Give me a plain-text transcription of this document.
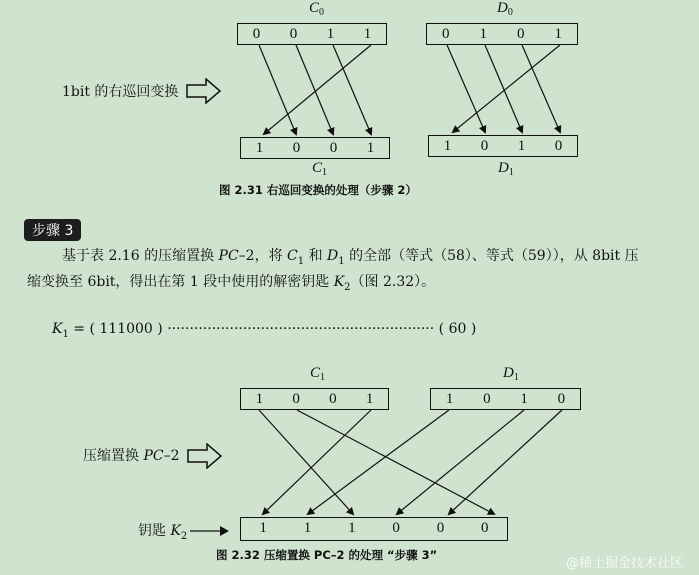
$C_0$	$D_0$
0	0	1	1	0	1	0	1
1bit 的右巡回变换
1	0	0	1	1	0	1	0
$C_1$	$D_1$
图 2.31 右巡回变换的处理（步骤 2）
步骤 3
基于表 2.16 的压缩置换 PC–2，将 $C_1$ 和 $D_1$ 的全部（等式（58）、等式（59）），从 8bit 压
缩变换至 6bit，得出在第 1 段中使用的解密钥匙 $K_2$（图 2.32）。
$K_1$ = ( 111000 ) ···························································· ( 60 )
$C_1$	$D_1$
1	0	0	1	1	0	1	0
压缩置换 PC–2
钥匙 $K_2$
1	1	1	0	0	0
图 2.32 压缩置换 PC–2 的处理 “步骤 3”
@稀土掘金技术社区
